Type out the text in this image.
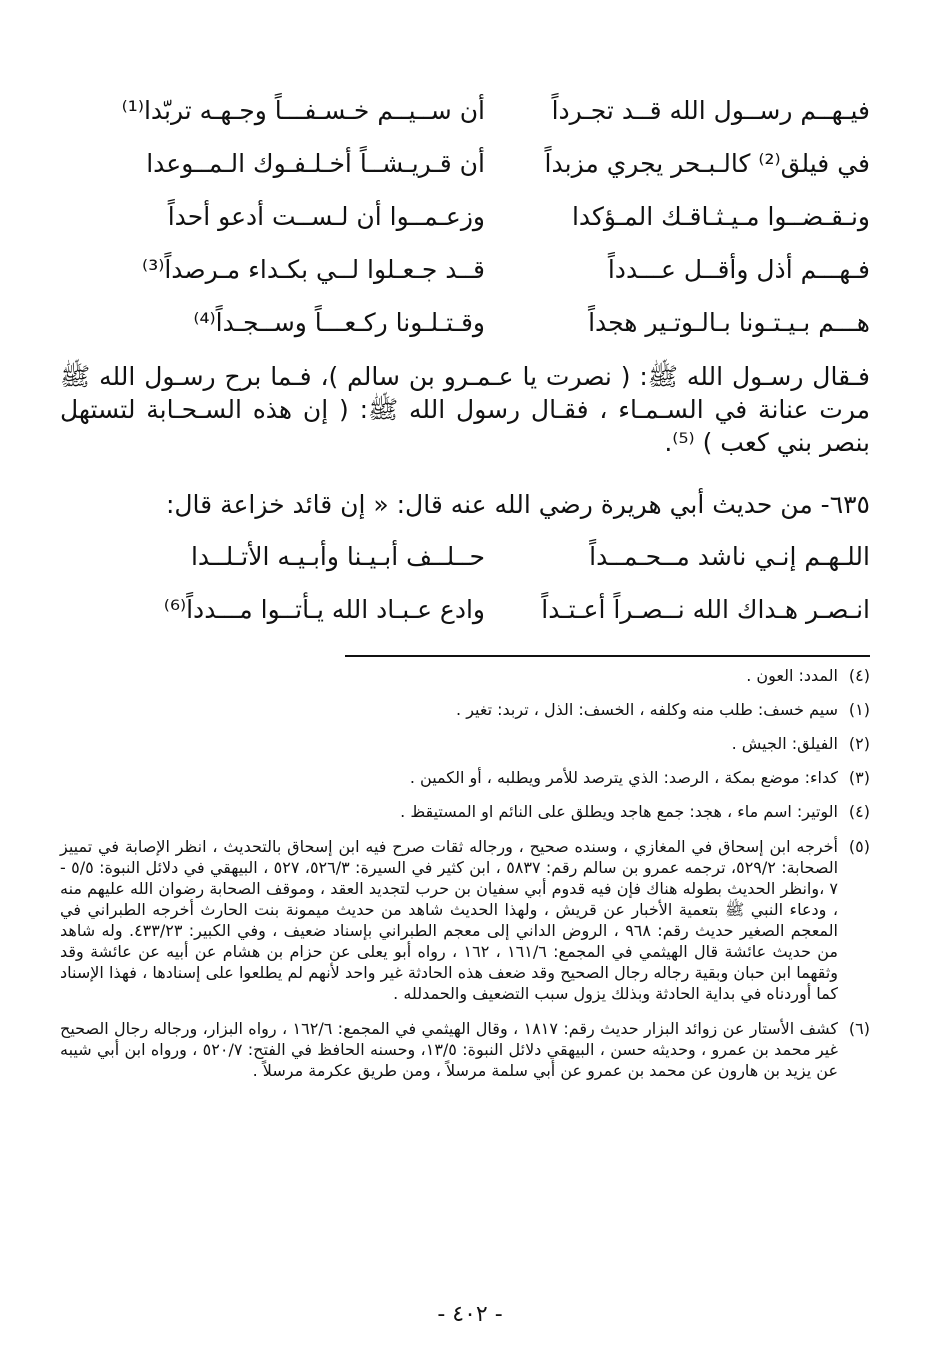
فيـهــم رســول الله قــد تجـرداً
أن ســيــم خـسـفـــاً وجـهـه تربّدا⁽¹⁾
في فيلق⁽²⁾ كالـبـحر يجري مزبداً
أن قـريـشــاً أخـلـفـوك الـمــوعدا
ونـقـضــوا مـيـثـاقـك المـؤكدا
وزعـمــوا أن لـســت أدعو أحداً
فـهـــم أذل وأقــل عـــدداً
قــد جـعـلوا لــي بكـداء مـرصداً⁽³⁾
هـــم بـيـتـونا بـالـوتـير هجداً
وقـتـلـونا ركـعـــاً وســجـداً⁽⁴⁾
فـقال رسـول الله ﷺ: ( نصرت يا عـمـرو بن سالم )، فـما برح رسـول الله ﷺ مرت عنانة في السـمـاء ، فقـال رسول الله ﷺ: ( إن هذه السـحـابة لتستهل بنصر بني كعب ) ⁽⁵⁾.
٦٣٥- من حديث أبي هريرة رضي الله عنه قال: « إن قائد خزاعة قال:
اللـهـم إنـي ناشد مــحـمــداً
حــلــف أبـيـنا وأبـيـه الأتـلــدا
انـصـر هـداك الله نــصـراً أعـتـداً
وادع عـبـاد الله يـأتــوا مـــدداً⁽⁶⁾
(٤)
المدد: العون .
(١)
سيم خسف: طلب منه وكلفه ، الخسف: الذل ، تربد: تغير .
(٢)
الفيلق: الجيش .
(٣)
كداء: موضع بمكة ، الرصد: الذي يترصد للأمر ويطلبه ، أو الكمين .
(٤)
الوتير: اسم ماء ، هجد: جمع هاجد ويطلق على النائم او المستيقظ .
(٥)
أخرجه ابن إسحاق في المغازي ، وسنده صحيح ، ورجاله ثقات صرح فيه ابن إسحاق بالتحديث ، انظر الإصابة في تمييز الصحابة: ٥٢٩/٢، ترجمه عمرو بن سالم رقم: ٥٨٣٧ ، ابن كثير في السيرة: ٥٢٦/٣، ٥٢٧ ، البيهقي في دلائل النبوة: ٥/٥ - ٧ ،وانظر الحديث بطوله هناك فإن فيه قدوم أبي سفيان بن حرب لتجديد العقد ، وموقف الصحابة رضوان الله عليهم منه ، ودعاء النبي ﷺ بتعمية الأخبار عن قريش ، ولهذا الحديث شاهد من حديث ميمونة بنت الحارث أخرجه الطبراني في المعجم الصغير حديث رقم: ٩٦٨ ، الروض الداني إلى معجم الطبراني بإسناد ضعيف ، وفي الكبير: ٤٣٣/٢٣. وله شاهد من حديث عائشة قال الهيثمي في المجمع: ١٦١/٦ ، ١٦٢ ، رواه أبو يعلى عن حزام بن هشام عن أبيه عن عائشة وقد وثقهما ابن حبان وبقية رجاله رجال الصحيح وقد ضعف هذه الحادثة غير واحد لأنهم لم يطلعوا على إسنادها ، فهذا الإسناد كما أوردناه في بداية الحادثة وبذلك يزول سبب التضعيف والحمدلله .
(٦)
كشف الأستار عن زوائد البزار حديث رقم: ١٨١٧ ، وقال الهيثمي في المجمع: ١٦٢/٦ ، رواه البزار، ورجاله رجال الصحيح غير محمد بن عمرو ، وحديثه حسن ، البيهقي دلائل النبوة: ١٣/٥، وحسنه الحافظ في الفتح: ٥٢٠/٧ ، ورواه ابن أبي شيبه عن يزيد بن هارون عن محمد بن عمرو عن أبي سلمة مرسلاً ، ومن طريق عكرمة مرسلاً .
- ٤٠٢ -
